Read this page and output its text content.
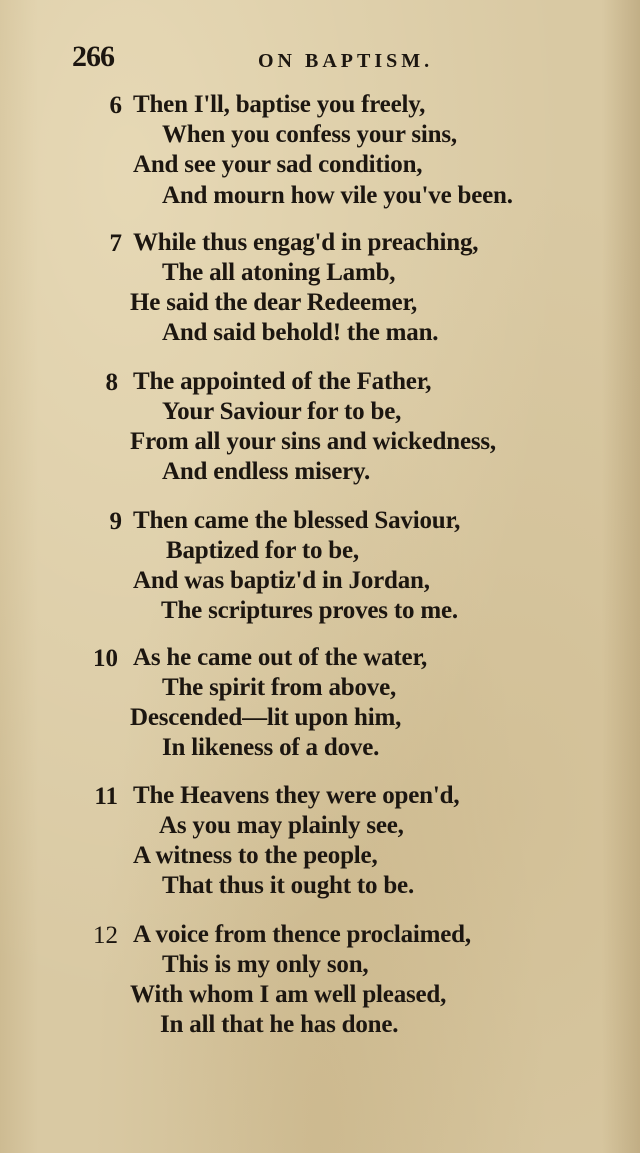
266	ON BAPTISM.
6 Then I'll, baptise you freely,
When you confess your sins,
And see your sad condition,
And mourn how vile you've been.
7 While thus engag'd in preaching,
The all atoning Lamb,
He said the dear Redeemer,
And said behold! the man.
8 The appointed of the Father,
Your Saviour for to be,
From all your sins and wickedness,
And endless misery.
9 Then came the blessed Saviour,
Baptized for to be,
And was baptiz'd in Jordan,
The scriptures proves to me.
10 As he came out of the water,
The spirit from above,
Descended—lit upon him,
In likeness of a dove.
11 The Heavens they were open'd,
As you may plainly see,
A witness to the people,
That thus it ought to be.
12 A voice from thence proclaimed,
This is my only son,
With whom I am well pleased,
In all that he has done.
